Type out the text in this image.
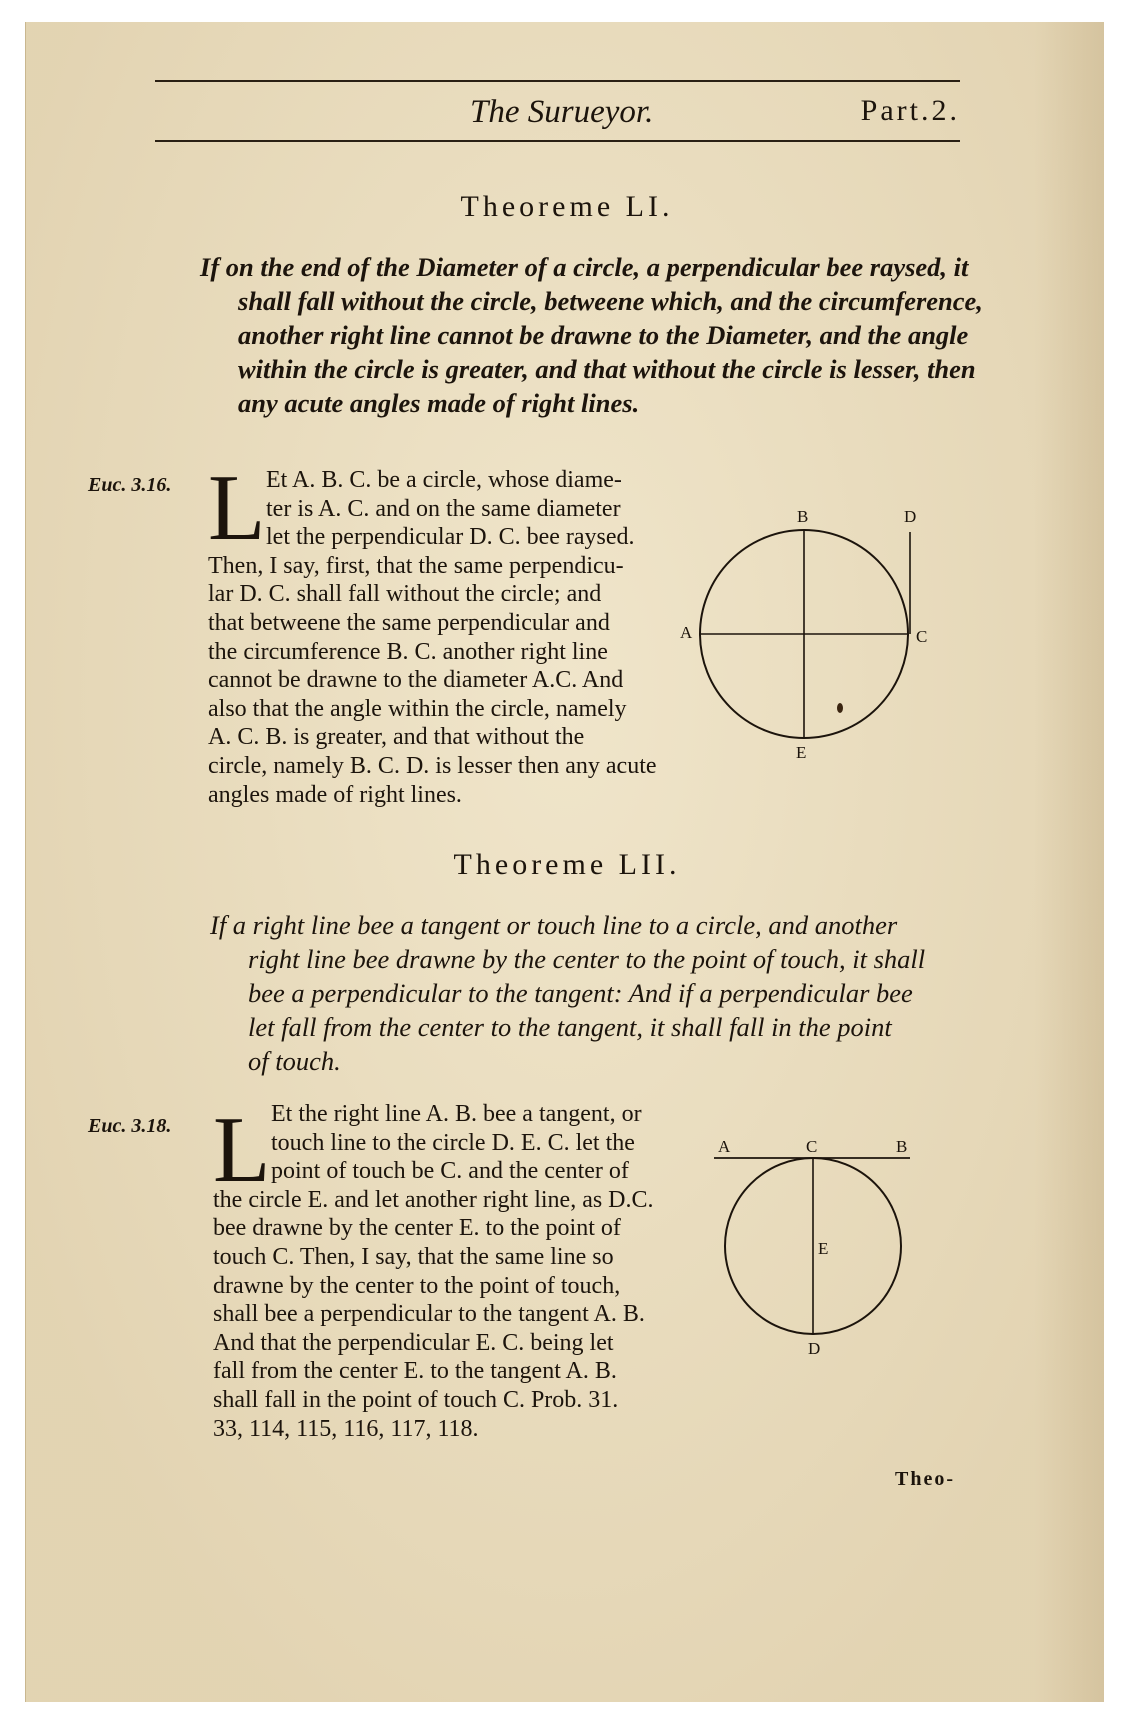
The Surueyor.	Part.2.
Theoreme LI.
If on the end of the Diameter of a circle, a perpendicular bee raysed, it
shall fall without the circle, betweene which, and the circumference,
another right line cannot be drawne to the Diameter, and the angle
within the circle is greater, and that without the circle is lesser, then
any acute angles made of right lines.
Euc. 3.16. L Et A. B. C. be a circle, whose diame-
ter is A. C. and on the same diameter
let the perpendicular D. C. bee raysed.
Then, I say, first, that the same perpendicu-
lar D. C. shall fall without the circle; and
that betweene the same perpendicular and
the circumference B. C. another right line
cannot be drawne to the diameter A.C. And
also that the angle within the circle, namely
A. C. B. is greater, and that without the
circle, namely B. C. D. is lesser then any acute
angles made of right lines.
B	D
A	C
E
Theoreme LII.
If a right line bee a tangent or touch line to a circle, and another
right line bee drawne by the center to the point of touch, it shall
bee a perpendicular to the tangent: And if a perpendicular bee
let fall from the center to the tangent, it shall fall in the point
of touch.
Euc. 3.18. L Et the right line A. B. bee a tangent, or
touch line to the circle D. E. C. let the
point of touch be C. and the center of
the circle E. and let another right line, as D.C.
bee drawne by the center E. to the point of
touch C. Then, I say, that the same line so
drawne by the center to the point of touch,
shall bee a perpendicular to the tangent A. B.
And that the perpendicular E. C. being let
fall from the center E. to the tangent A. B.
shall fall in the point of touch C. Prob. 31.
33, 114, 115, 116, 117, 118.
A	C	B
E
D
Theo-
